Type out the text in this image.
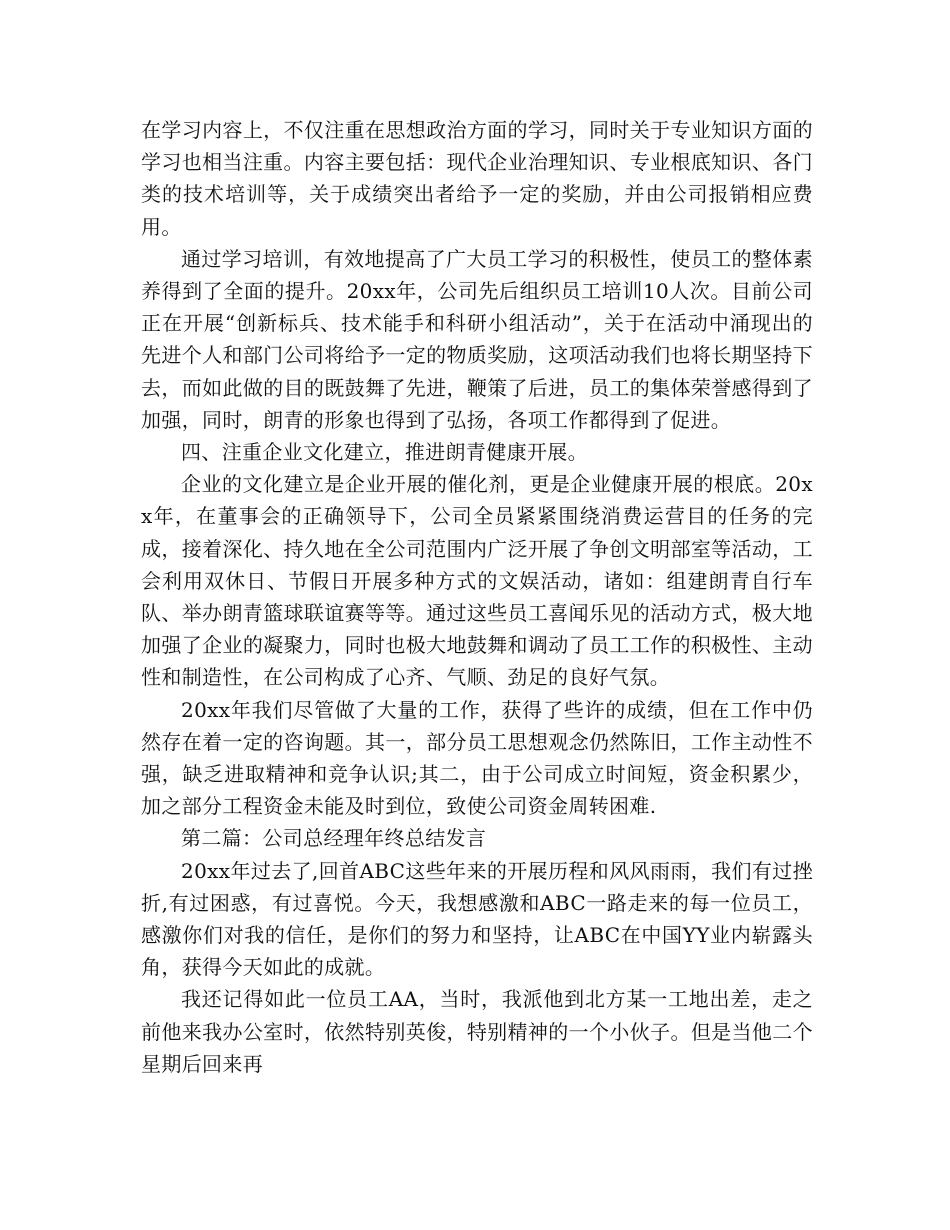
在学习内容上，不仅注重在思想政治方面的学习，同时关于专业知识方面的学习也相当注重。内容主要包括：现代企业治理知识、专业根底知识、各门类的技术培训等，关于成绩突出者给予一定的奖励，并由公司报销相应费用。

通过学习培训，有效地提高了广大员工学习的积极性，使员工的整体素养得到了全面的提升。20xx年，公司先后组织员工培训10人次。目前公司正在开展“创新标兵、技术能手和科研小组活动”，关于在活动中涌现出的先进个人和部门公司将给予一定的物质奖励，这项活动我们也将长期坚持下去，而如此做的目的既鼓舞了先进，鞭策了后进，员工的集体荣誉感得到了加强，同时，朗青的形象也得到了弘扬，各项工作都得到了促进。

四、注重企业文化建立，推进朗青健康开展。

企业的文化建立是企业开展的催化剂，更是企业健康开展的根底。20xx年，在董事会的正确领导下，公司全员紧紧围绕消费运营目的任务的完成，接着深化、持久地在全公司范围内广泛开展了争创文明部室等活动，工会利用双休日、节假日开展多种方式的文娱活动，诸如：组建朗青自行车队、举办朗青篮球联谊赛等等。通过这些员工喜闻乐见的活动方式，极大地加强了企业的凝聚力，同时也极大地鼓舞和调动了员工工作的积极性、主动性和制造性，在公司构成了心齐、气顺、劲足的良好气氛。

20xx年我们尽管做了大量的工作，获得了些许的成绩，但在工作中仍然存在着一定的咨询题。其一，部分员工思想观念仍然陈旧，工作主动性不强，缺乏进取精神和竞争认识;其二，由于公司成立时间短，资金积累少，加之部分工程资金未能及时到位，致使公司资金周转困难.

第二篇：公司总经理年终总结发言

20xx年过去了,回首ABC这些年来的开展历程和风风雨雨，我们有过挫折,有过困惑，有过喜悦。今天，我想感激和ABC一路走来的每一位员工，感激你们对我的信任，是你们的努力和坚持，让ABC在中国YY业内崭露头角，获得今天如此的成就。

我还记得如此一位员工AA，当时，我派他到北方某一工地出差，走之前他来我办公室时，依然特别英俊，特别精神的一个小伙子。但是当他二个星期后回来再
